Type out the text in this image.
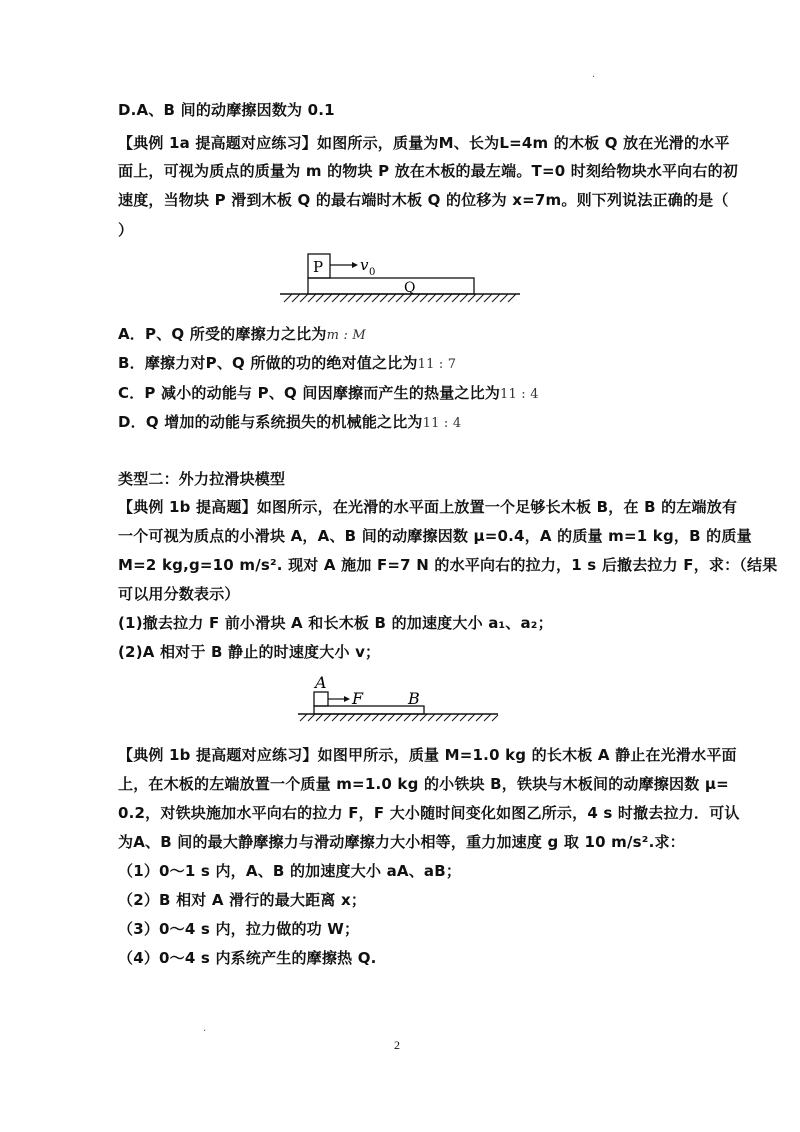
·
D.A、B 间的动摩擦因数为 0.1
【典例 1a 提高题对应练习】如图所示，质量为M、长为L=4m 的木板 Q 放在光滑的水平
面上，可视为质点的质量为 m 的物块 P 放在木板的最左端。T=0 时刻给物块水平向右的初
速度，当物块 P 滑到木板 Q 的最右端时木板 Q 的位移为 x=7m。则下列说法正确的是（
）
P v 0
Q
A．P、Q 所受的摩擦力之比为m : M
B．摩擦力对P、Q 所做的功的绝对值之比为11 : 7
C．P 减小的动能与 P、Q 间因摩擦而产生的热量之比为11 : 4
D．Q 增加的动能与系统损失的机械能之比为11 : 4
类型二：外力拉滑块模型
【典例 1b 提高题】如图所示，在光滑的水平面上放置一个足够长木板 B，在 B 的左端放有
一个可视为质点的小滑块 A，A、B 间的动摩擦因数 μ=0.4，A 的质量 m=1 kg，B 的质量
M=2 kg,g=10 m/s². 现对 A 施加 F=7 N 的水平向右的拉力，1 s 后撤去拉力 F，求：（结果
可以用分数表示）
(1)撤去拉力 F 前小滑块 A 和长木板 B 的加速度大小 a₁、a₂；
(2)A 相对于 B 静止的时速度大小 v；
A
F	B
【典例 1b 提高题对应练习】如图甲所示，质量 M=1.0 kg 的长木板 A 静止在光滑水平面
上，在木板的左端放置一个质量 m=1.0 kg 的小铁块 B，铁块与木板间的动摩擦因数 μ=
0.2，对铁块施加水平向右的拉力 F，F 大小随时间变化如图乙所示，4 s 时撤去拉力．可认
为A、B 间的最大静摩擦力与滑动摩擦力大小相等，重力加速度 g 取 10 m/s².求：
（1）0～1 s 内，A、B 的加速度大小 aA、aB；
（2）B 相对 A 滑行的最大距离 x；
（3）0～4 s 内，拉力做的功 W；
（4）0～4 s 内系统产生的摩擦热 Q.
·
2
